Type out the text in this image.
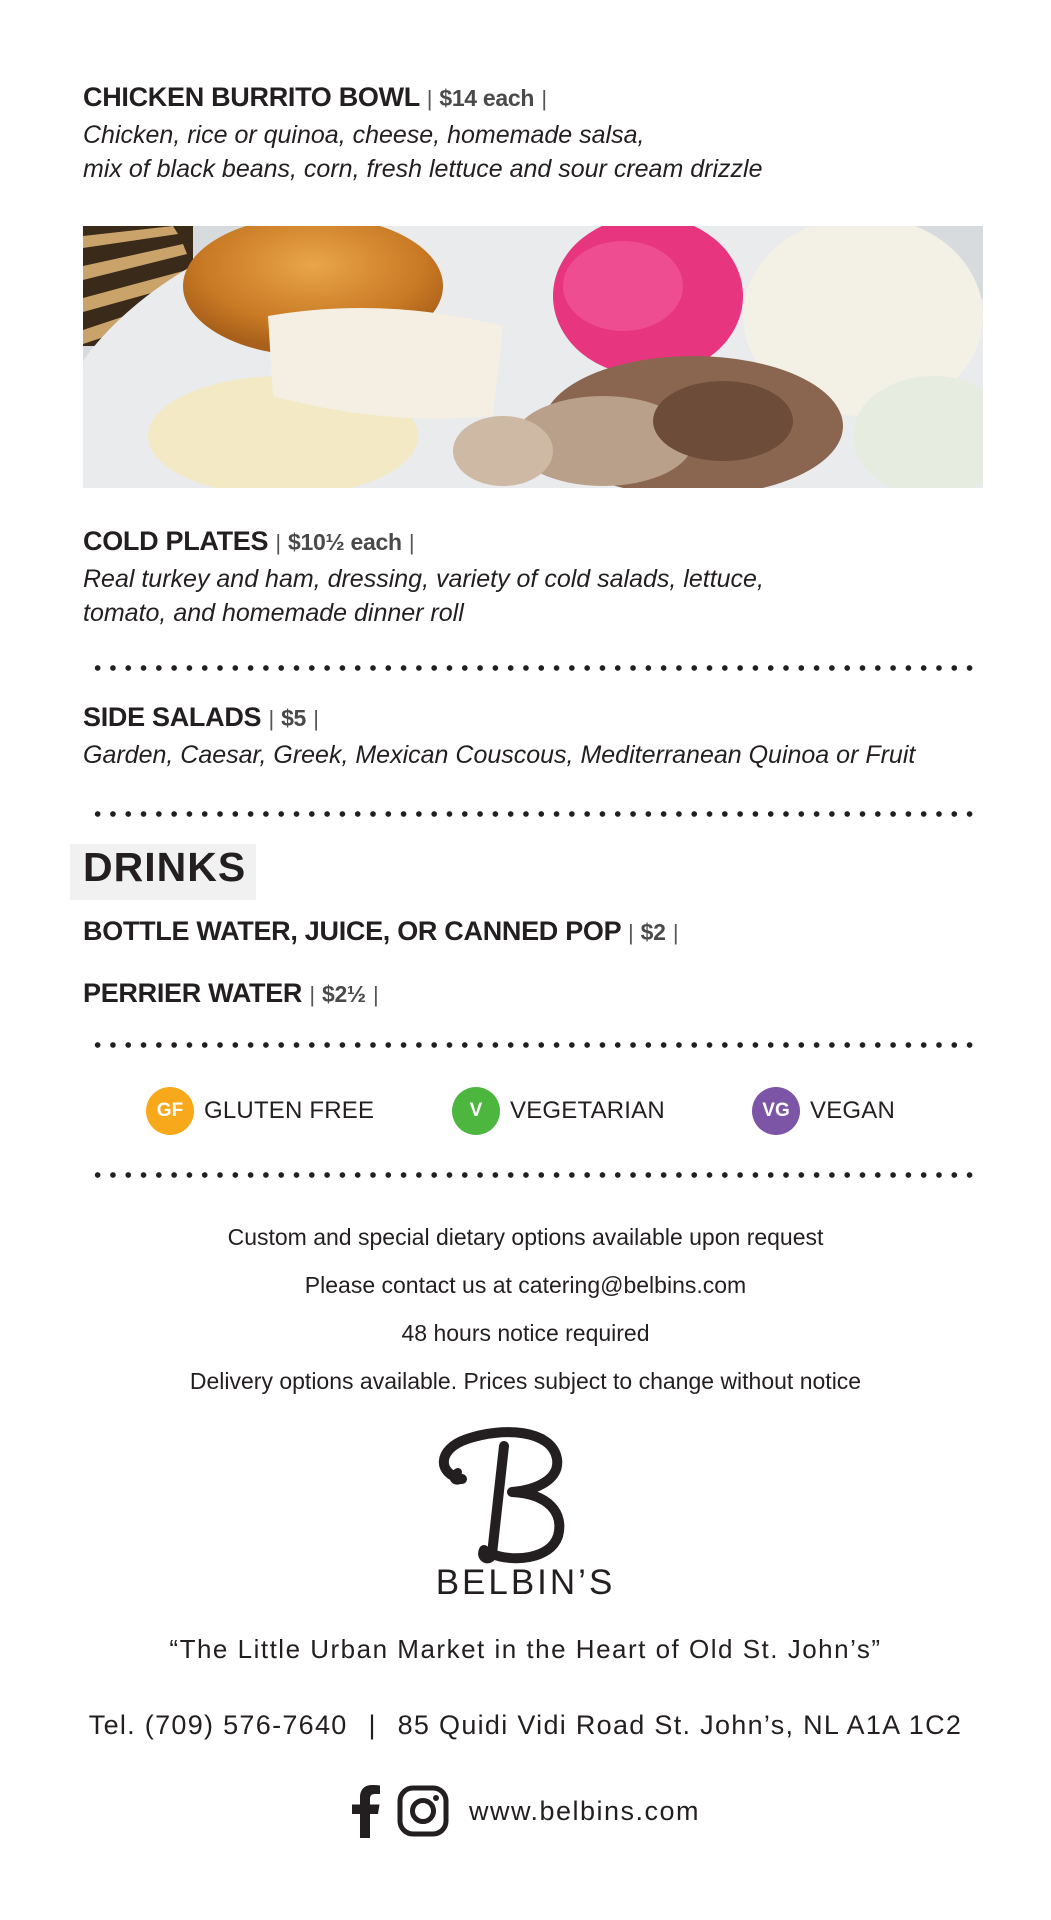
CHICKEN BURRITO BOWL | $14 each |
Chicken, rice or quinoa, cheese, homemade salsa,
mix of black beans, corn, fresh lettuce and sour cream drizzle
COLD PLATES | $10½ each |
Real turkey and ham, dressing, variety of cold salads, lettuce,
tomato, and homemade dinner roll
SIDE SALADS | $5 |
Garden, Caesar, Greek, Mexican Couscous, Mediterranean Quinoa or Fruit
DRINKS
BOTTLE WATER, JUICE, OR CANNED POP | $2 |
PERRIER WATER | $2½ |
GF GLUTEN FREE	V	VEGETARIAN	VG VEGAN
Custom and special dietary options available upon request
Please contact us at catering@belbins.com
48 hours notice required
Delivery options available. Prices subject to change without notice
BELBIN’S
“The Little Urban Market in the Heart of Old St. John’s”
Tel. (709) 576-7640 | 85 Quidi Vidi Road St. John’s, NL A1A 1C2
www.belbins.com
